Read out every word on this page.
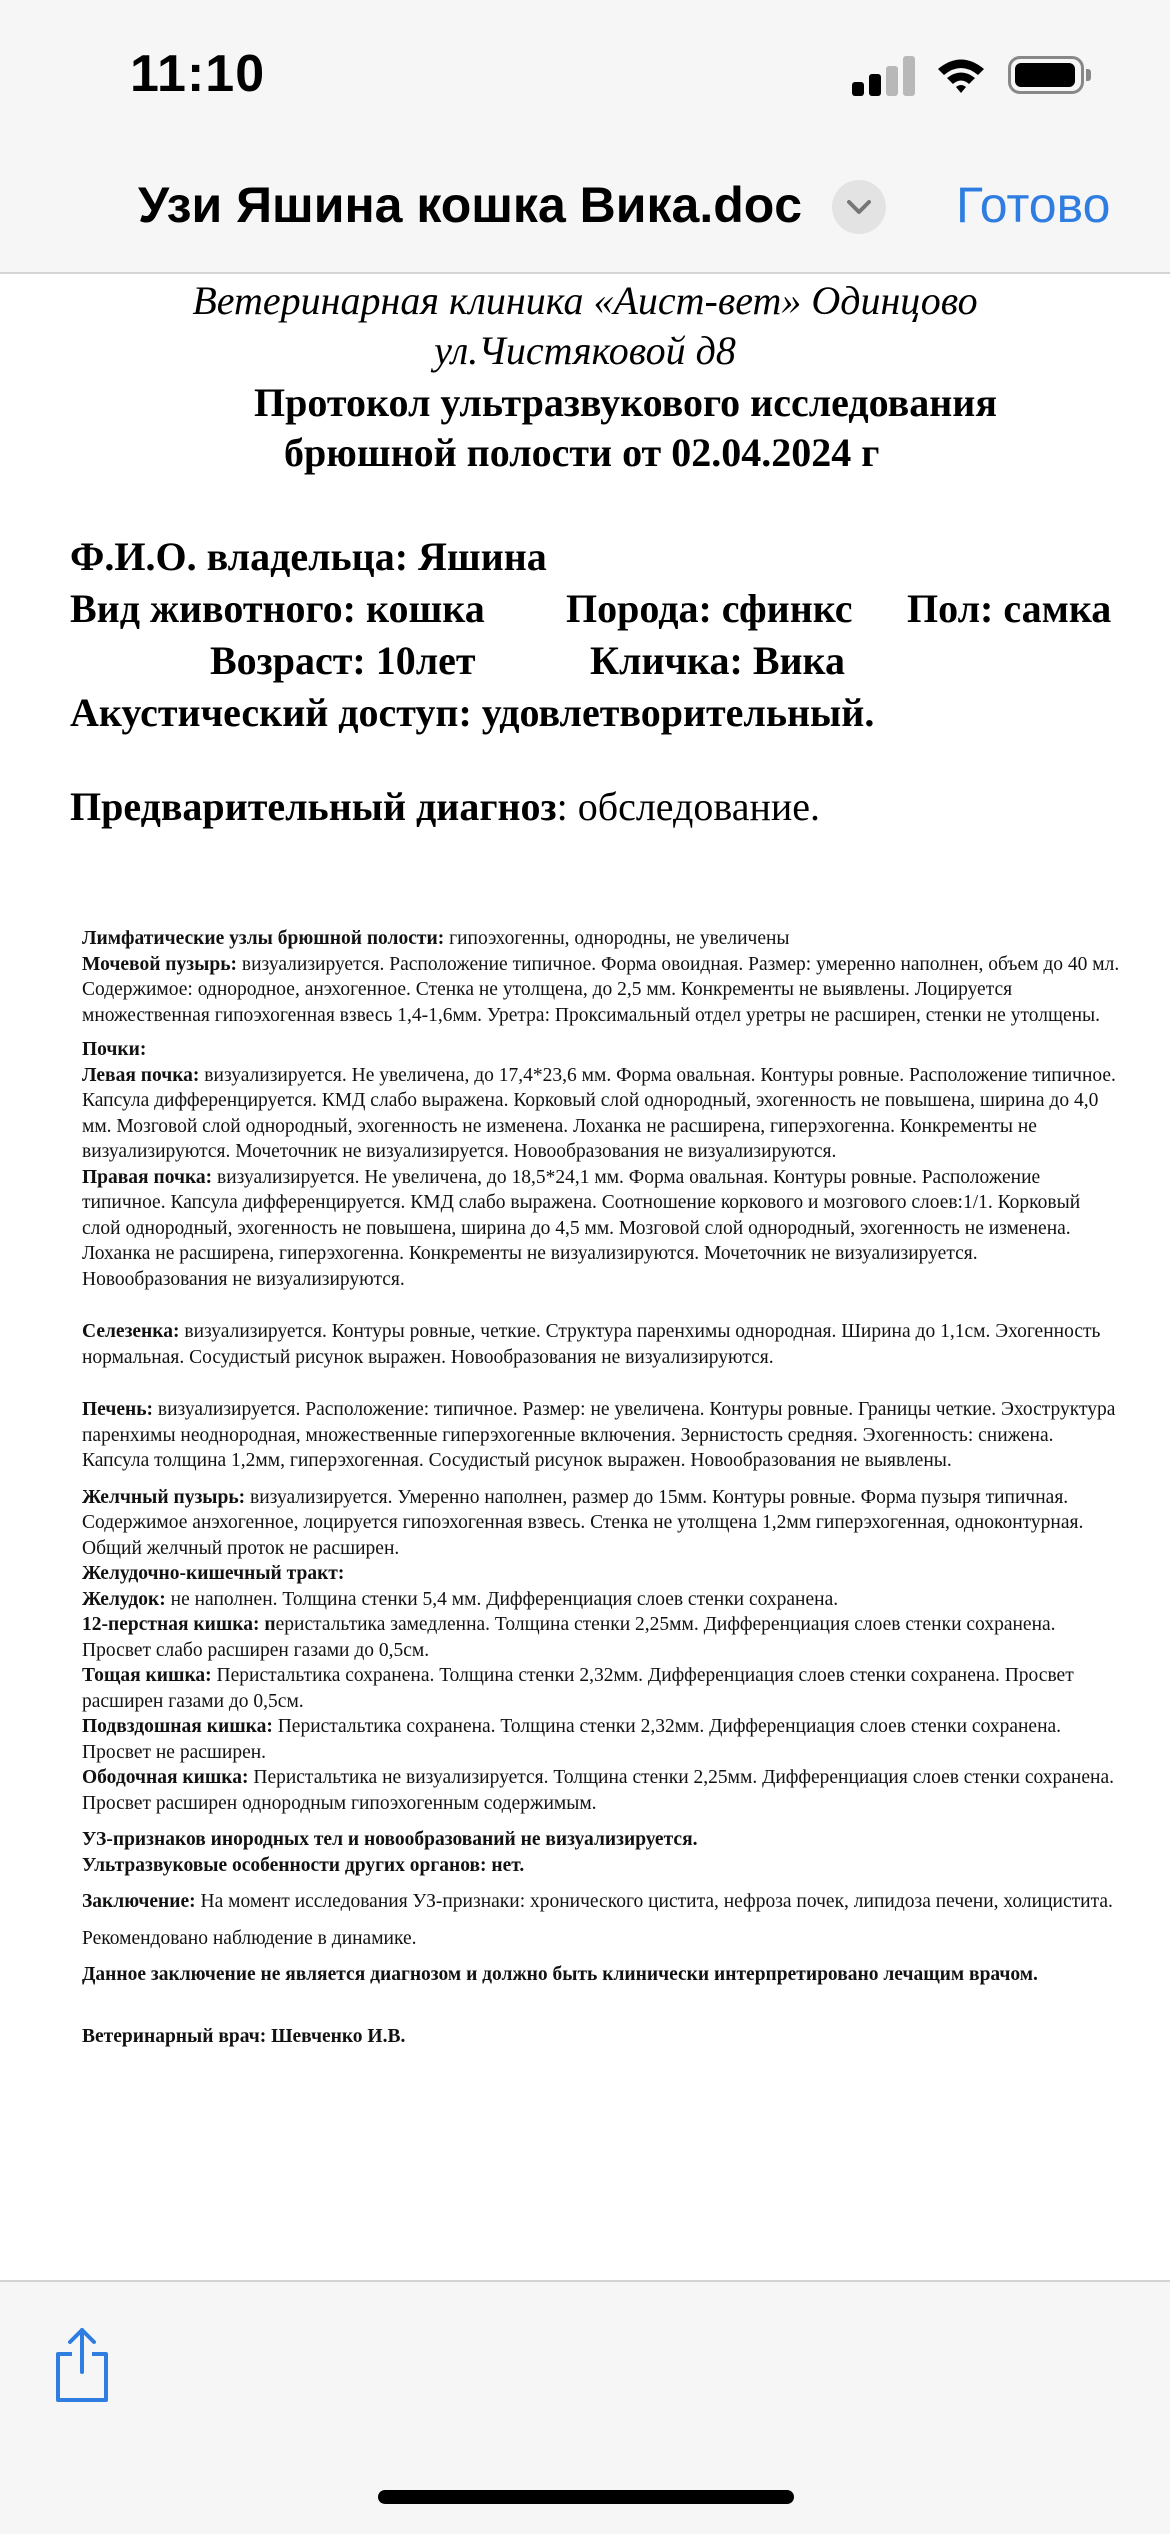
11:10
Узи Яшина кошка Вика.doc	Готово
Ветеринарная клиника «Аист-вет» Одинцово
ул.Чистяковой д8
Протокол ультразвукового исследования
брюшной полости от 02.04.2024 г
Ф.И.О. владельца: Яшина
Вид животного: кошка Порода: сфинкс Пол: самка
Возраст: 10лет	Кличка: Вика
Акустический доступ: удовлетворительный.
Предварительный диагноз: обследование.

Лимфатические узлы брюшной полости: гипоэхогенны, однородны, не увеличены

Мочевой пузырь: визуализируется. Расположение типичное. Форма овоидная. Размер: умеренно наполнен, объем до 40 мл. Содержимое: однородное, анэхогенное. Стенка не утолщена, до 2,5 мм. Конкременты не выявлены. Лоцируется множественная гипоэхогенная взвесь 1,4-1,6мм. Уретра: Проксимальный отдел уретры не расширен, стенки не утолщены.

Почки:

Левая почка: визуализируется. Не увеличена, до 17,4*23,6 мм. Форма овальная. Контуры ровные. Расположение типичное. Капсула дифференцируется. КМД слабо выражена. Корковый слой однородный, эхогенность не повышена, ширина до 4,0 мм. Мозговой слой однородный, эхогенность не изменена. Лоханка не расширена, гиперэхогенна. Конкременты не визуализируются. Мочеточник не визуализируется. Новообразования не визуализируются.

Правая почка: визуализируется. Не увеличена, до 18,5*24,1 мм. Форма овальная. Контуры ровные. Расположение типичное. Капсула дифференцируется. КМД слабо выражена. Соотношение коркового и мозгового слоев:1/1. Корковый слой однородный, эхогенность не повышена, ширина до 4,5 мм. Мозговой слой однородный, эхогенность не изменена. Лоханка не расширена, гиперэхогенна. Конкременты не визуализируются. Мочеточник не визуализируется. Новообразования не визуализируются.

Селезенка: визуализируется. Контуры ровные, четкие. Структура паренхимы однородная. Ширина до 1,1см. Эхогенность нормальная. Сосудистый рисунок выражен. Новообразования не визуализируются.

Печень: визуализируется. Расположение: типичное. Размер: не увеличена. Контуры ровные. Границы четкие. Эхоструктура паренхимы неоднородная, множественные гиперэхогенные включения. Зернистость средняя. Эхогенность: снижена. Капсула толщина 1,2мм, гиперэхогенная. Сосудистый рисунок выражен. Новообразования не выявлены.

Желчный пузырь: визуализируется. Умеренно наполнен, размер до 15мм. Контуры ровные. Форма пузыря типичная. Содержимое анэхогенное, лоцируется гипоэхогенная взвесь. Стенка не утолщена 1,2мм гиперэхогенная, одноконтурная. Общий желчный проток не расширен.

Желудочно-кишечный тракт:

Желудок: не наполнен. Толщина стенки 5,4 мм. Дифференциация слоев стенки сохранена.

12-перстная кишка: перистальтика замедленна. Толщина стенки 2,25мм. Дифференциация слоев стенки сохранена. Просвет слабо расширен газами до 0,5см.

Тощая кишка: Перистальтика сохранена. Толщина стенки 2,32мм. Дифференциация слоев стенки сохранена. Просвет расширен газами до 0,5см.

Подвздошная кишка: Перистальтика сохранена. Толщина стенки 2,32мм. Дифференциация слоев стенки сохранена. Просвет не расширен.

Ободочная кишка: Перистальтика не визуализируется. Толщина стенки 2,25мм. Дифференциация слоев стенки сохранена. Просвет расширен однородным гипоэхогенным содержимым.

УЗ-признаков инородных тел и новообразований не визуализируется.

Ультразвуковые особенности других органов: нет.

Заключение: На момент исследования УЗ-признаки: хронического цистита, нефроза почек, липидоза печени, холицистита.

Рекомендовано наблюдение в динамике.

Данное заключение не является диагнозом и должно быть клинически интерпретировано лечащим врачом.

Ветеринарный врач: Шевченко И.В.
